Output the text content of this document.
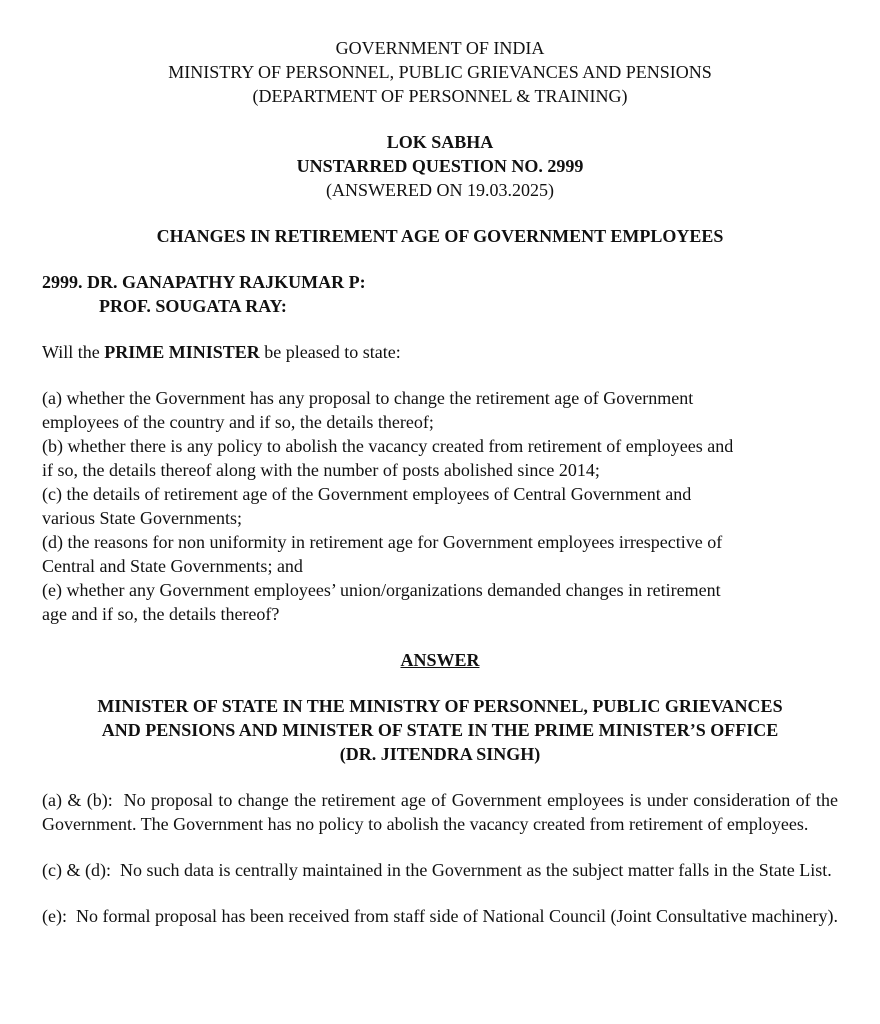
GOVERNMENT OF INDIA
MINISTRY OF PERSONNEL, PUBLIC GRIEVANCES AND PENSIONS
(DEPARTMENT OF PERSONNEL & TRAINING)
LOK SABHA
UNSTARRED QUESTION NO. 2999
(ANSWERED ON 19.03.2025)
CHANGES IN RETIREMENT AGE OF GOVERNMENT EMPLOYEES
2999. DR. GANAPATHY RAJKUMAR P:
PROF. SOUGATA RAY:

Will the PRIME MINISTER be pleased to state:

(a) whether the Government has any proposal to change the retirement age of Government
employees of the country and if so, the details thereof;
(b) whether there is any policy to abolish the vacancy created from retirement of employees and
if so, the details thereof along with the number of posts abolished since 2014;
(c) the details of retirement age of the Government employees of Central Government and
various State Governments;
(d) the reasons for non uniformity in retirement age for Government employees irrespective of
Central and State Governments; and
(e) whether any Government employees’ union/organizations demanded changes in retirement
age and if so, the details thereof?
ANSWER
MINISTER OF STATE IN THE MINISTRY OF PERSONNEL, PUBLIC GRIEVANCES
AND PENSIONS AND MINISTER OF STATE IN THE PRIME MINISTER’S OFFICE
(DR. JITENDRA SINGH)

(a) & (b): No proposal to change the retirement age of Government employees is under consideration of the Government. The Government has no policy to abolish the vacancy created from retirement of employees.

(c) & (d): No such data is centrally maintained in the Government as the subject matter falls in the State List.

(e): No formal proposal has been received from staff side of National Council (Joint Consultative machinery).
